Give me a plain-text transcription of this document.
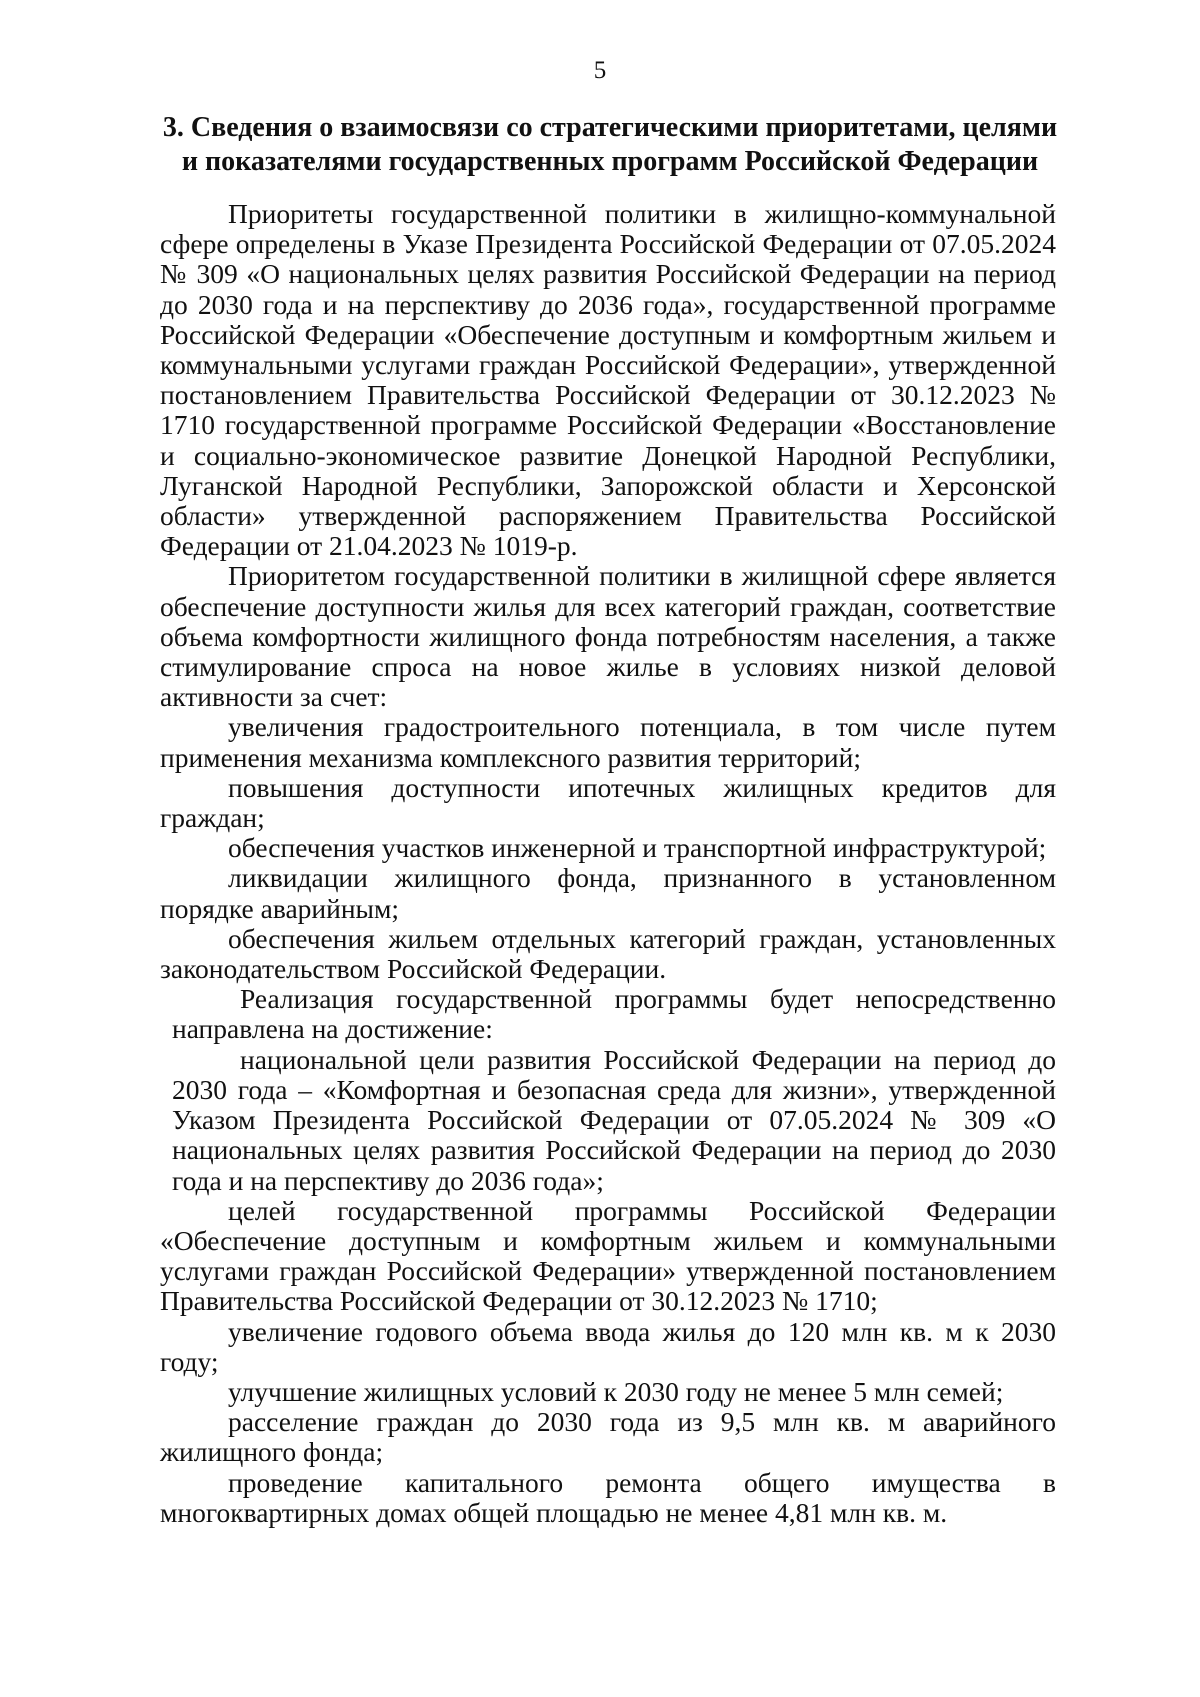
5
3. Сведения о взаимосвязи со стратегическими приоритетами, целями
и показателями государственных программ Российской Федерации

Приоритеты государственной политики в жилищно-коммунальной сфере определены в Указе Президента Российской Федерации от 07.05.2024 № 309 «О национальных целях развития Российской Федерации на период до 2030 года и на перспективу до 2036 года», государственной программе Российской Федерации «Обеспечение доступным и комфортным жильем и коммунальными услугами граждан Российской Федерации», утвержденной постановлением Правительства Российской Федерации от 30.12.2023 № 1710 государственной программе Российской Федерации «Восстановление и социально-экономическое развитие Донецкой Народной Республики, Луганской Народной Республики, Запорожской области и Херсонской области» утвержденной распоряжением Правительства Российской Федерации от 21.04.2023 № 1019-р.

Приоритетом государственной политики в жилищной сфере является обеспечение доступности жилья для всех категорий граждан, соответствие объема комфортности жилищного фонда потребностям населения, а также стимулирование спроса на новое жилье в условиях низкой деловой активности за счет:

увеличения градостроительного потенциала, в том числе путем применения механизма комплексного развития территорий;

повышения доступности ипотечных жилищных кредитов для граждан;

обеспечения участков инженерной и транспортной инфраструктурой;

ликвидации жилищного фонда, признанного в установленном порядке аварийным;

обеспечения жильем отдельных категорий граждан, установленных законодательством Российской Федерации.

Реализация государственной программы будет непосредственно направлена на достижение:

национальной цели развития Российской Федерации на период до 2030 года – «Комфортная и безопасная среда для жизни», утвержденной Указом Президента Российской Федерации от 07.05.2024 № 309 «О национальных целях развития Российской Федерации на период до 2030 года и на перспективу до 2036 года»;

целей государственной программы Российской Федерации «Обеспечение доступным и комфортным жильем и коммунальными услугами граждан Российской Федерации» утвержденной постановлением Правительства Российской Федерации от 30.12.2023 № 1710;

увеличение годового объема ввода жилья до 120 млн кв. м к 2030 году;

улучшение жилищных условий к 2030 году не менее 5 млн семей;

расселение граждан до 2030 года из 9,5 млн кв. м аварийного жилищного фонда;

проведение капитального ремонта общего имущества в многоквартирных домах общей площадью не менее 4,81 млн кв. м.
